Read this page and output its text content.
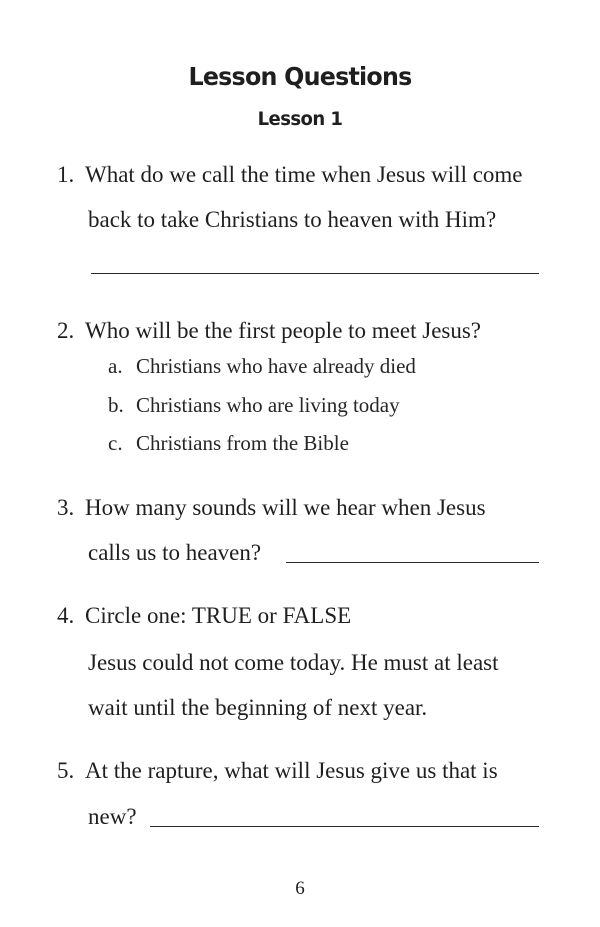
Lesson Questions
Lesson 1
1. What do we call the time when Jesus will come
back to take Christians to heaven with Him?
2. Who will be the first people to meet Jesus?
a. Christians who have already died
b. Christians who are living today
c. Christians from the Bible
3. How many sounds will we hear when Jesus
calls us to heaven?
4. Circle one: TRUE or FALSE
Jesus could not come today. He must at least
wait until the beginning of next year.
5. At the rapture, what will Jesus give us that is
new?
6
